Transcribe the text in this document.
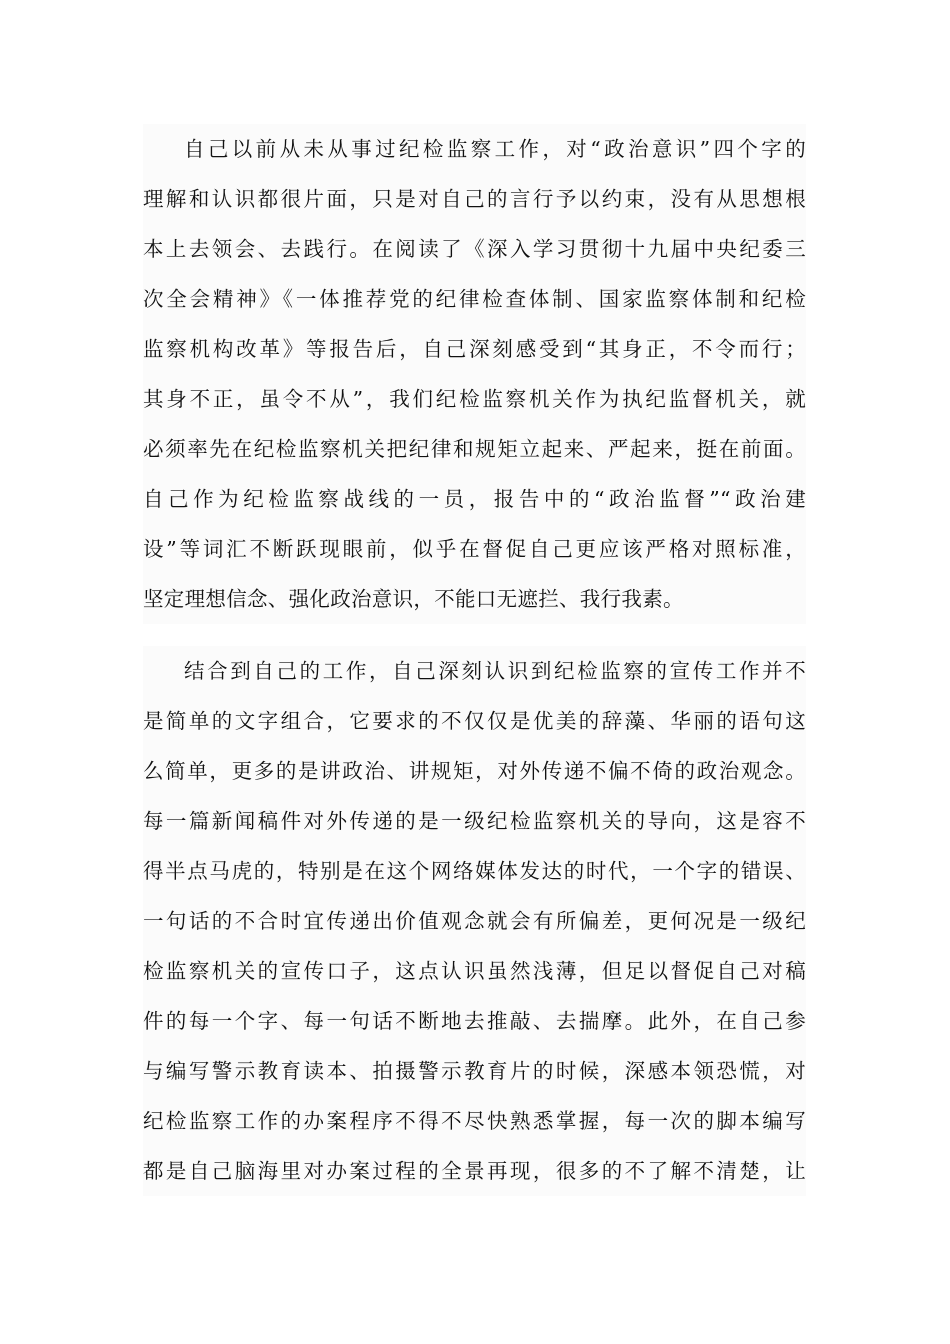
自己以前从未从事过纪检监察工作，对“政治意识”四个字的
理解和认识都很片面，只是对自己的言行予以约束，没有从思想根
本上去领会、去践行。在阅读了《深入学习贯彻十九届中央纪委三
次全会精神》《一体推荐党的纪律检查体制、国家监察体制和纪检
监察机构改革》等报告后，自己深刻感受到“其身正，不令而行；
其身不正，虽令不从”，我们纪检监察机关作为执纪监督机关，就
必须率先在纪检监察机关把纪律和规矩立起来、严起来，挺在前面。
自己作为纪检监察战线的一员，报告中的“政治监督”“政治建
设”等词汇不断跃现眼前，似乎在督促自己更应该严格对照标准，
坚定理想信念、强化政治意识，不能口无遮拦、我行我素。
结合到自己的工作，自己深刻认识到纪检监察的宣传工作并不
是简单的文字组合，它要求的不仅仅是优美的辞藻、华丽的语句这
么简单，更多的是讲政治、讲规矩，对外传递不偏不倚的政治观念。
每一篇新闻稿件对外传递的是一级纪检监察机关的导向，这是容不
得半点马虎的，特别是在这个网络媒体发达的时代，一个字的错误、
一句话的不合时宜传递出价值观念就会有所偏差，更何况是一级纪
检监察机关的宣传口子，这点认识虽然浅薄，但足以督促自己对稿
件的每一个字、每一句话不断地去推敲、去揣摩。此外，在自己参
与编写警示教育读本、拍摄警示教育片的时候，深感本领恐慌，对
纪检监察工作的办案程序不得不尽快熟悉掌握，每一次的脚本编写
都是自己脑海里对办案过程的全景再现，很多的不了解不清楚，让
